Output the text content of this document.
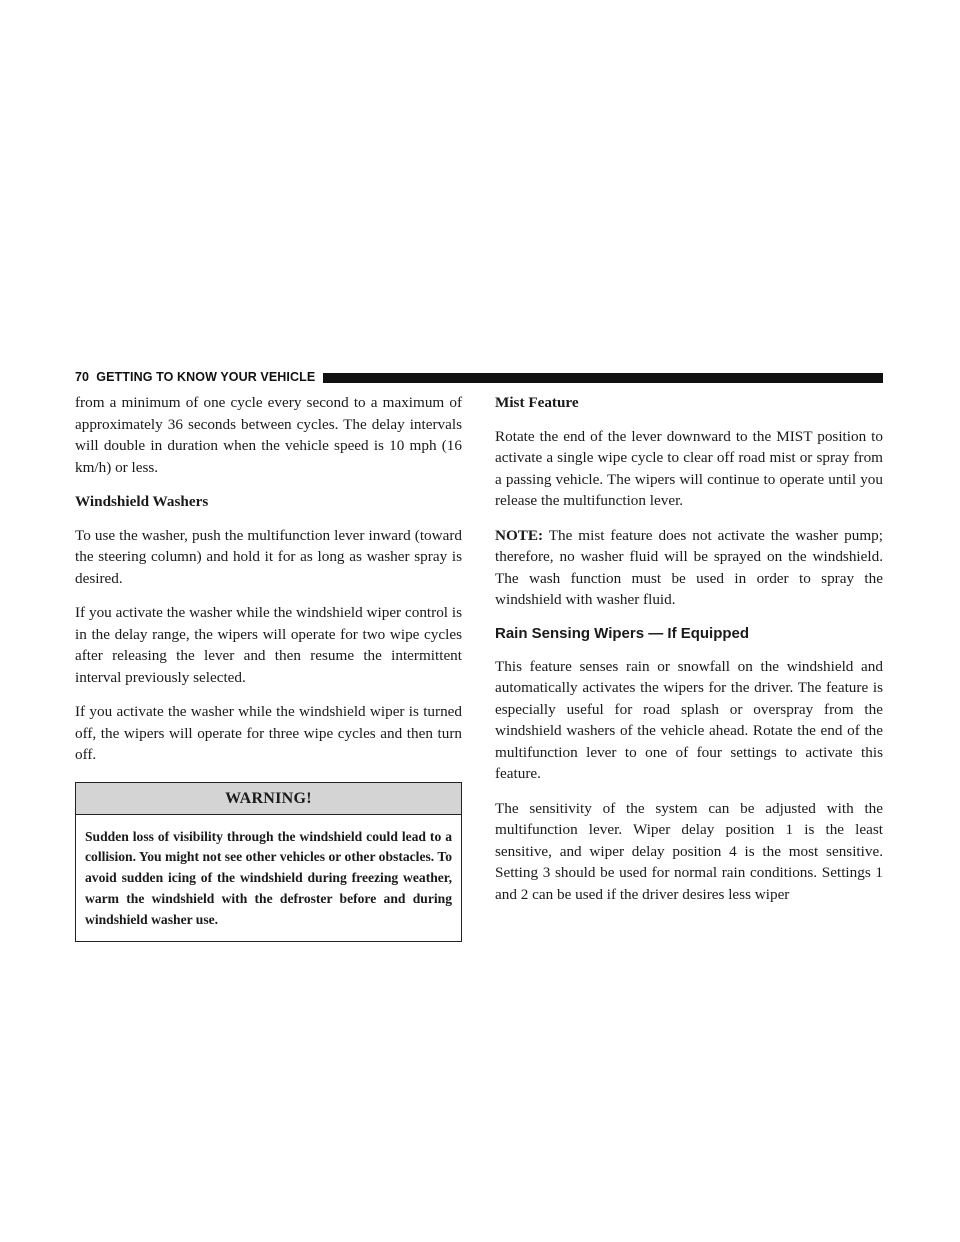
70 GETTING TO KNOW YOUR VEHICLE

from a minimum of one cycle every second to a maximum of approximately 36 seconds between cycles. The delay intervals will double in duration when the vehicle speed is 10 mph (16 km/h) or less.

Windshield Washers

To use the washer, push the multifunction lever inward (toward the steering column) and hold it for as long as washer spray is desired.

If you activate the washer while the windshield wiper control is in the delay range, the wipers will operate for two wipe cycles after releasing the lever and then resume the intermittent interval previously selected.

If you activate the washer while the windshield wiper is turned off, the wipers will operate for three wipe cycles and then turn off.

WARNING!
Sudden loss of visibility through the windshield could lead to a collision. You might not see other vehicles or other obstacles. To avoid sudden icing of the windshield during freezing weather, warm the windshield with the defroster before and during windshield washer use.
Mist Feature

Rotate the end of the lever downward to the MIST position to activate a single wipe cycle to clear off road mist or spray from a passing vehicle. The wipers will continue to operate until you release the multifunction lever.

NOTE: The mist feature does not activate the washer pump; therefore, no washer fluid will be sprayed on the windshield. The wash function must be used in order to spray the windshield with washer fluid.

Rain Sensing Wipers — If Equipped

This feature senses rain or snowfall on the windshield and automatically activates the wipers for the driver. The feature is especially useful for road splash or overspray from the windshield washers of the vehicle ahead. Rotate the end of the multifunction lever to one of four settings to activate this feature.

The sensitivity of the system can be adjusted with the multifunction lever. Wiper delay position 1 is the least sensitive, and wiper delay position 4 is the most sensitive. Setting 3 should be used for normal rain conditions. Settings 1 and 2 can be used if the driver desires less wiper
